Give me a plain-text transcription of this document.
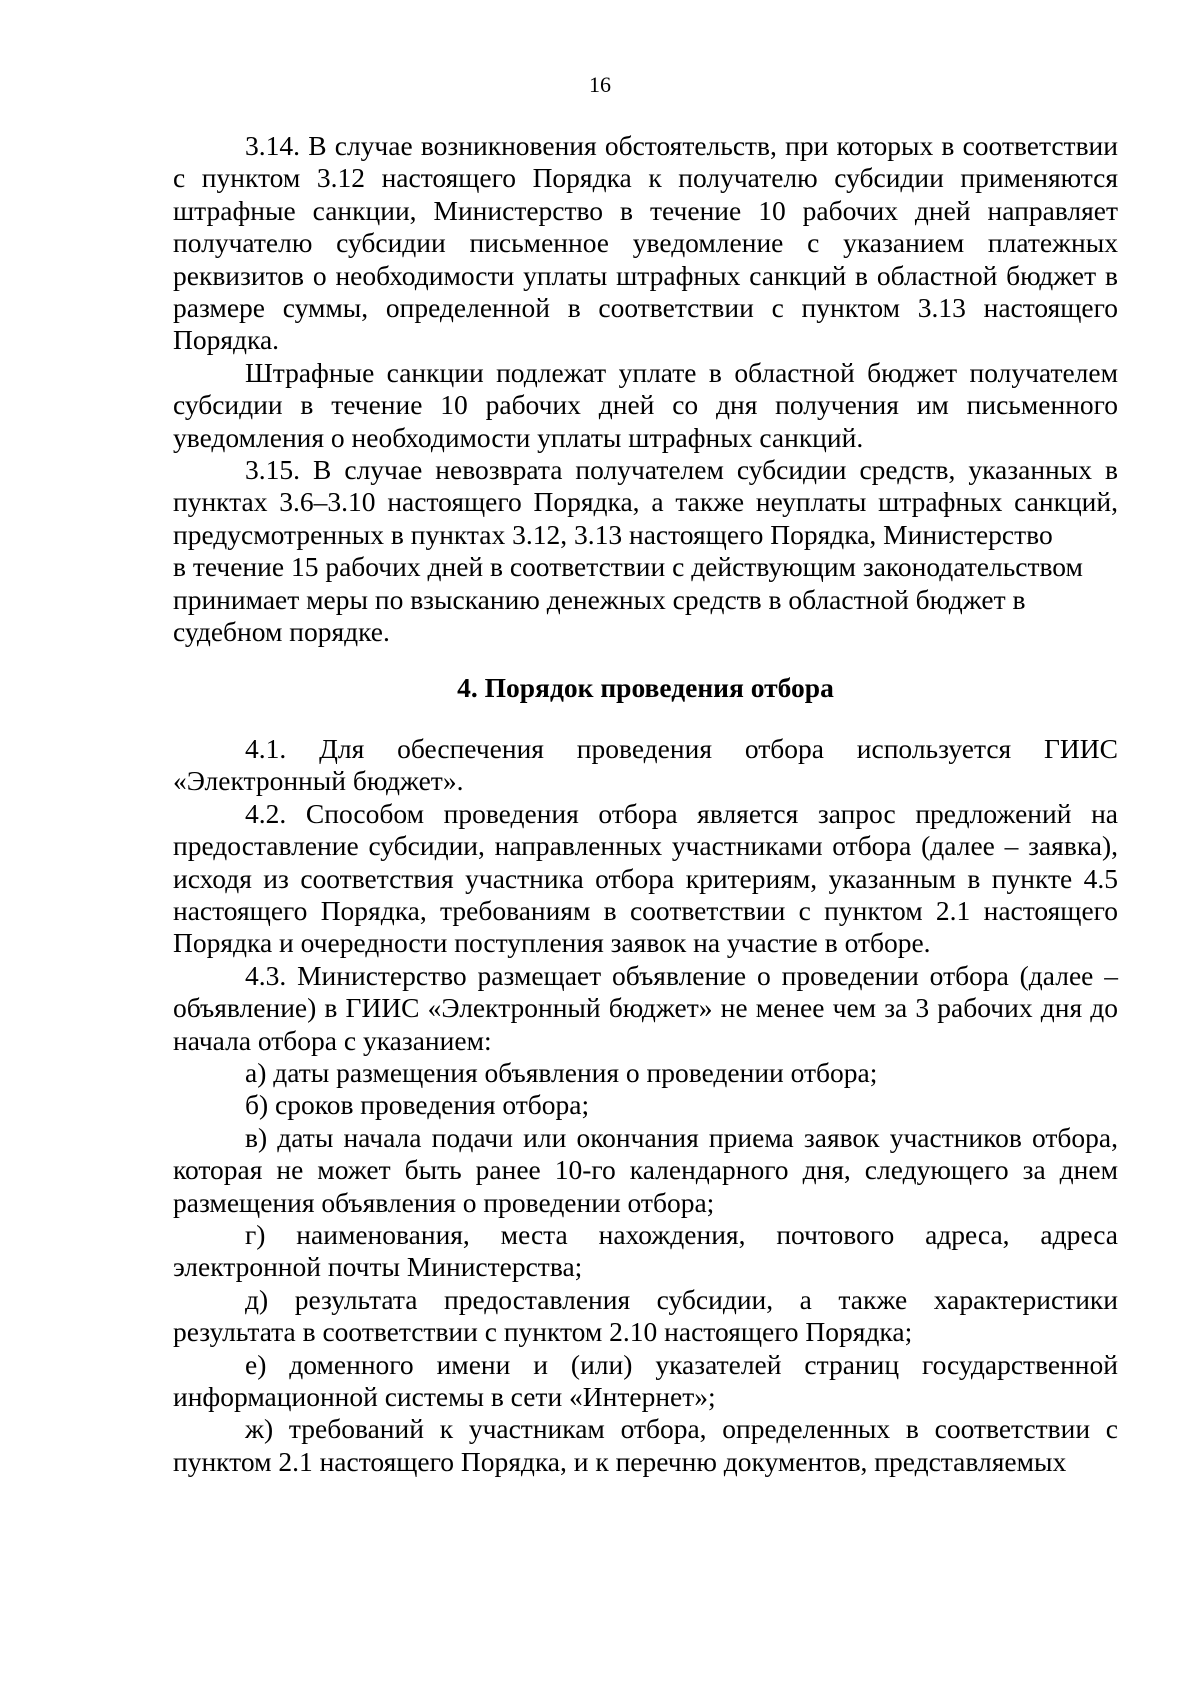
16

3.14. В случае возникновения обстоятельств, при которых в соответствии с пунктом 3.12 настоящего Порядка к получателю субсидии применяются штрафные санкции, Министерство в течение 10 рабочих дней направляет получателю субсидии письменное уведомление с указанием платежных реквизитов о необходимости уплаты штрафных санкций в областной бюджет в размере суммы, определенной в соответствии с пунктом 3.13 настоящего Порядка.

Штрафные санкции подлежат уплате в областной бюджет получателем субсидии в течение 10 рабочих дней со дня получения им письменного уведомления о необходимости уплаты штрафных санкций.

3.15. В случае невозврата получателем субсидии средств, указанных в пунктах 3.6–3.10 настоящего Порядка, а также неуплаты штрафных санкций, предусмотренных в пунктах 3.12, 3.13 настоящего Порядка, Министерство

в течение 15 рабочих дней в соответствии с действующим законодательством принимает меры по взысканию денежных средств в областной бюджет в судебном порядке.

4. Порядок проведения отбора

4.1. Для обеспечения проведения отбора используется ГИИС «Электронный бюджет».

4.2. Способом проведения отбора является запрос предложений на предоставление субсидии, направленных участниками отбора (далее – заявка), исходя из соответствия участника отбора критериям, указанным в пункте 4.5 настоящего Порядка, требованиям в соответствии с пунктом 2.1 настоящего Порядка и очередности поступления заявок на участие в отборе.

4.3. Министерство размещает объявление о проведении отбора (далее – объявление) в ГИИС «Электронный бюджет» не менее чем за 3 рабочих дня до начала отбора с указанием:

а) даты размещения объявления о проведении отбора;

б) сроков проведения отбора;

в) даты начала подачи или окончания приема заявок участников отбора, которая не может быть ранее 10-го календарного дня, следующего за днем размещения объявления о проведении отбора;

г) наименования, места нахождения, почтового адреса, адреса электронной почты Министерства;

д) результата предоставления субсидии, а также характеристики результата в соответствии с пунктом 2.10 настоящего Порядка;

е) доменного имени и (или) указателей страниц государственной информационной системы в сети «Интернет»;

ж) требований к участникам отбора, определенных в соответствии с пунктом 2.1 настоящего Порядка, и к перечню документов, представляемых
